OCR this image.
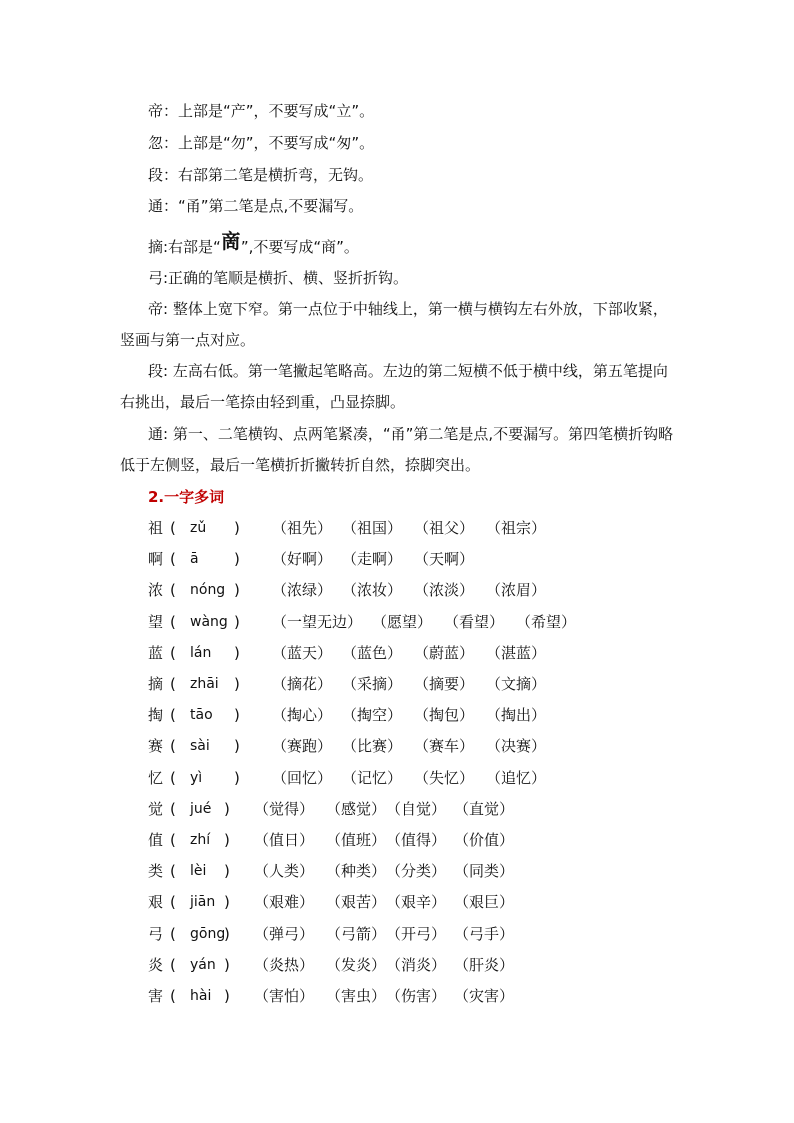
帝：上部是“产”，不要写成“立”。
忽：上部是“勿”，不要写成“匆”。
段：右部第二笔是横折弯，无钩。
通：“甬”第二笔是点,不要漏写。
摘:右部是“啇”,不要写成“商”。
弓:正确的笔顺是横折、横、竖折折钩。
帝: 整体上宽下窄。第一点位于中轴线上，第一横与横钩左右外放，下部收紧，竖画与第一点对应。
段: 左高右低。第一笔撇起笔略高。左边的第二短横不低于横中线，第五笔提向右挑出，最后一笔捺由轻到重，凸显捺脚。
通: 第一、二笔横钩、点两笔紧凑，“甬”第二笔是点,不要漏写。第四笔横折钩略低于左侧竖，最后一笔横折折撇转折自然，捺脚突出。
2.一字多词
祖 ( zǔ ) （祖先） （祖国） （祖父） （祖宗）
啊 ( ā ) （好啊） （走啊） （天啊）
浓 ( nóng ) （浓绿） （浓妆） （浓淡） （浓眉）
望 ( wàng ) （一望无边） （愿望） （看望） （希望）
蓝 ( lán ) （蓝天） （蓝色） （蔚蓝） （湛蓝）
摘 ( zhāi ) （摘花） （采摘） （摘要） （文摘）
掏 ( tāo ) （掏心） （掏空） （掏包） （掏出）
赛 ( sài ) （赛跑） （比赛） （赛车） （决赛）
忆 ( yì ) （回忆） （记忆） （失忆） （追忆）
觉 ( jué ) （觉得） （感觉） （自觉） （直觉）
值 ( zhí ) （值日） （值班） （值得） （价值）
类 ( lèi ) （人类） （种类） （分类） （同类）
艰 ( jiān ) （艰难） （艰苦） （艰辛） （艰巨）
弓 ( gōng
) （弹弓） （弓箭） （开弓） （弓手）
炎 ( yán ) （炎热） （发炎） （消炎） （肝炎）
害 ( hài ) （害怕） （害虫） （伤害） （灾害）
